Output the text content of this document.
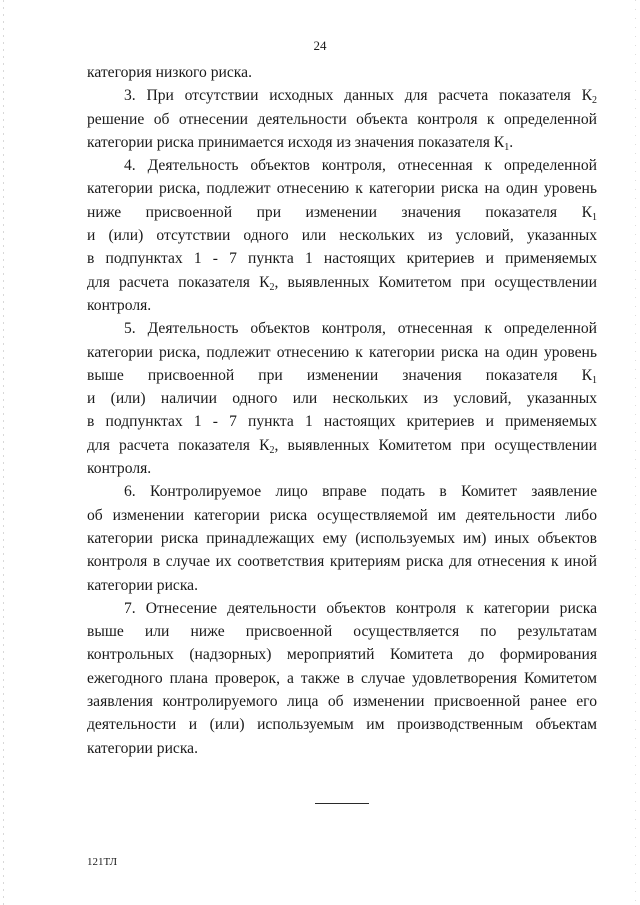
24

категория низкого риска.

3. При отсутствии исходных данных для расчета показателя $К_2$
решение об отнесении деятельности объекта контроля к определенной
категории риска принимается исходя из значения показателя $К_1$.

4. Деятельность объектов контроля, отнесенная к определенной
категории риска, подлежит отнесению к категории риска на один уровень
ниже присвоенной при изменении значения показателя $К_1$
и (или) отсутствии одного или нескольких из условий, указанных
в подпунктах 1 - 7 пункта 1 настоящих критериев и применяемых
для расчета показателя $К_2$, выявленных Комитетом при осуществлении
контроля.

5. Деятельность объектов контроля, отнесенная к определенной
категории риска, подлежит отнесению к категории риска на один уровень
выше присвоенной при изменении значения показателя $К_1$
и (или) наличии одного или нескольких из условий, указанных
в подпунктах 1 - 7 пункта 1 настоящих критериев и применяемых
для расчета показателя $К_2$, выявленных Комитетом при осуществлении
контроля.

6. Контролируемое лицо вправе подать в Комитет заявление
об изменении категории риска осуществляемой им деятельности либо
категории риска принадлежащих ему (используемых им) иных объектов
контроля в случае их соответствия критериям риска для отнесения к иной
категории риска.

7. Отнесение деятельности объектов контроля к категории риска
выше или ниже присвоенной осуществляется по результатам
контрольных (надзорных) мероприятий Комитета до формирования
ежегодного плана проверок, а также в случае удовлетворения Комитетом
заявления контролируемого лица об изменении присвоенной ранее его
деятельности и (или) используемым им производственным объектам
категории риска.

121ТЛ
